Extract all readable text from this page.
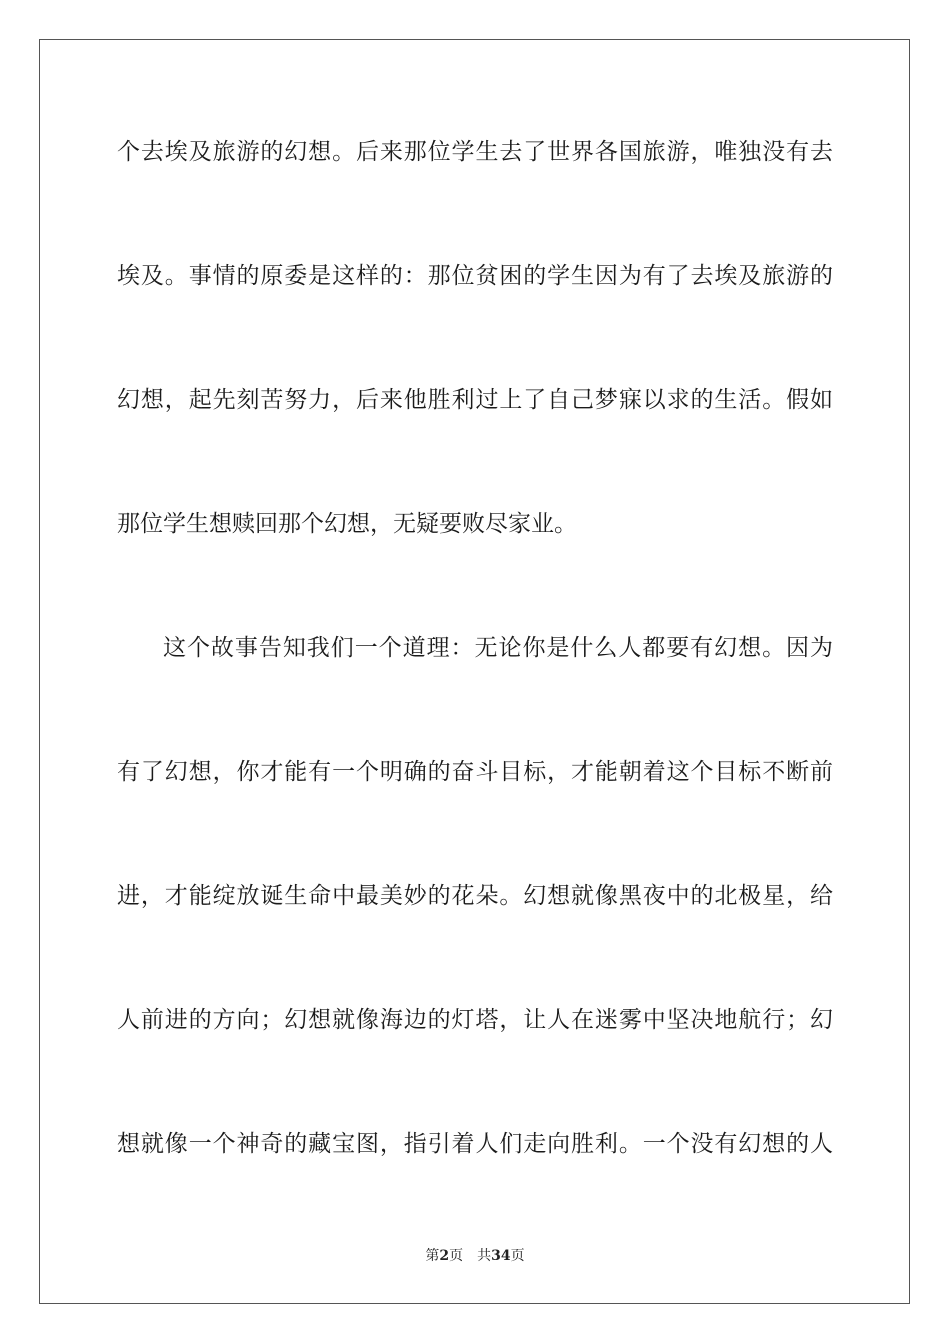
个去埃及旅游的幻想。后来那位学生去了世界各国旅游，唯独没有去
埃及。事情的原委是这样的：那位贫困的学生因为有了去埃及旅游的
幻想，起先刻苦努力，后来他胜利过上了自己梦寐以求的生活。假如
那位学生想赎回那个幻想，无疑要败尽家业。
这个故事告知我们一个道理：无论你是什么人都要有幻想。因为
有了幻想，你才能有一个明确的奋斗目标，才能朝着这个目标不断前
进，才能绽放诞生命中最美妙的花朵。幻想就像黑夜中的北极星，给
人前进的方向；幻想就像海边的灯塔，让人在迷雾中坚决地航行；幻
想就像一个神奇的藏宝图，指引着人们走向胜利。一个没有幻想的人
第2页 共34页
